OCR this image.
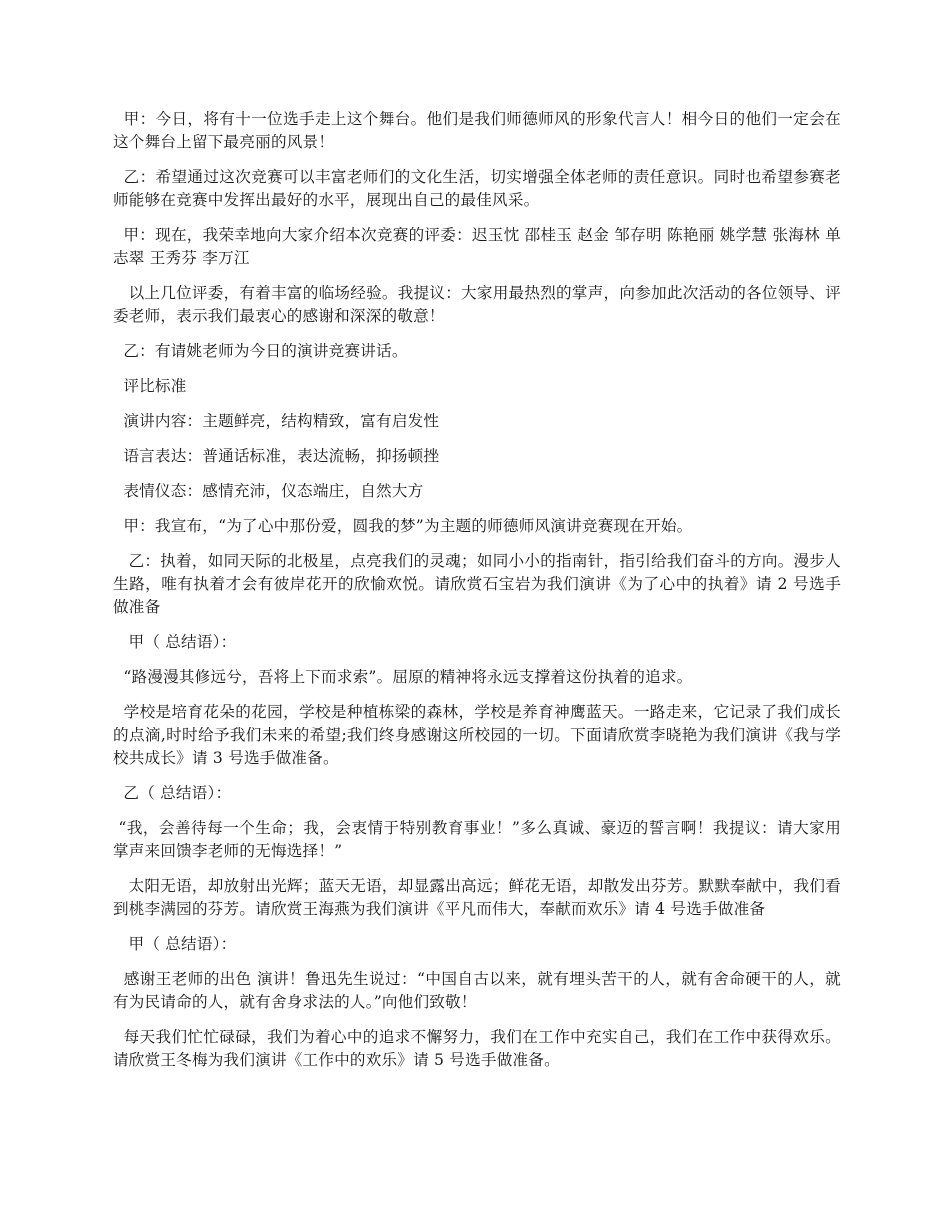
甲：今日，将有十一位选手走上这个舞台。他们是我们师德师风的形象代言人！相今日的他们一定会在这个舞台上留下最亮丽的风景！

乙：希望通过这次竞赛可以丰富老师们的文化生活，切实增强全体老师的责任意识。同时也希望参赛老师能够在竞赛中发挥出最好的水平，展现出自己的最佳风采。

甲：现在，我荣幸地向大家介绍本次竞赛的评委：迟玉忱 邵桂玉 赵金 邹存明 陈艳丽 姚学慧 张海林 单志翠 王秀芬 李万江

以上几位评委，有着丰富的临场经验。我提议：大家用最热烈的掌声，向参加此次活动的各位领导、评委老师，表示我们最衷心的感谢和深深的敬意！

乙：有请姚老师为今日的演讲竞赛讲话。

评比标准

演讲内容：主题鲜亮，结构精致，富有启发性

语言表达：普通话标准，表达流畅，抑扬顿挫

表情仪态：感情充沛，仪态端庄，自然大方

甲：我宣布，“为了心中那份爱，圆我的梦”为主题的师德师风演讲竞赛现在开始。

乙：执着，如同天际的北极星，点亮我们的灵魂；如同小小的指南针，指引给我们奋斗的方向。漫步人生路，唯有执着才会有彼岸花开的欣愉欢悦。请欣赏石宝岩为我们演讲《为了心中的执着》请 2 号选手做准备

甲（ 总结语）：

“路漫漫其修远兮，吾将上下而求索”。屈原的精神将永远支撑着这份执着的追求。

学校是培育花朵的花园，学校是种植栋梁的森林，学校是养育神鹰蓝天。一路走来，它记录了我们成长的点滴,时时给予我们未来的希望;我们终身感谢这所校园的一切。下面请欣赏李晓艳为我们演讲《我与学校共成长》请 3 号选手做准备。

乙（ 总结语）：

“我，会善待每一个生命；我，会衷情于特别教育事业！”多么真诚、豪迈的誓言啊！我提议：请大家用掌声来回馈李老师的无悔选择！”

太阳无语，却放射出光辉；蓝天无语，却显露出高远；鲜花无语，却散发出芬芳。默默奉献中，我们看到桃李满园的芬芳。请欣赏王海燕为我们演讲《平凡而伟大，奉献而欢乐》请 4 号选手做准备

甲（ 总结语）：

感谢王老师的出色 演讲！鲁迅先生说过：“中国自古以来，就有埋头苦干的人，就有舍命硬干的人，就有为民请命的人，就有舍身求法的人。”向他们致敬！

每天我们忙忙碌碌，我们为着心中的追求不懈努力，我们在工作中充实自己，我们在工作中获得欢乐。请欣赏王冬梅为我们演讲《工作中的欢乐》请 5 号选手做准备。
